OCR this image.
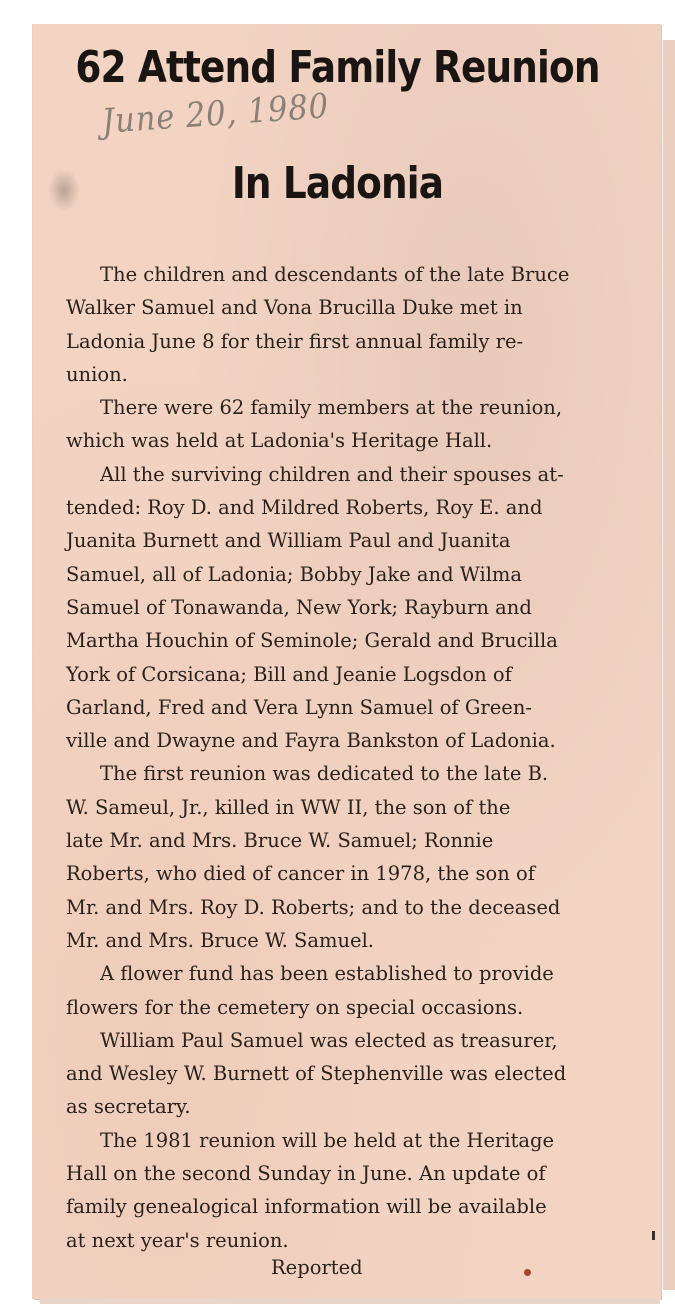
62 Attend Family Reunion
June 20, 1980
In Ladonia

The children and descendants of the late Bruce
Walker Samuel and Vona Brucilla Duke met in
Ladonia June 8 for their first annual family re-
union.

There were 62 family members at the reunion,
which was held at Ladonia's Heritage Hall.

All the surviving children and their spouses at-
tended: Roy D. and Mildred Roberts, Roy E. and
Juanita Burnett and William Paul and Juanita
Samuel, all of Ladonia; Bobby Jake and Wilma
Samuel of Tonawanda, New York; Rayburn and
Martha Houchin of Seminole; Gerald and Brucilla
York of Corsicana; Bill and Jeanie Logsdon of
Garland, Fred and Vera Lynn Samuel of Green-
ville and Dwayne and Fayra Bankston of Ladonia.

The first reunion was dedicated to the late B.
W. Sameul, Jr., killed in WW II, the son of the
late Mr. and Mrs. Bruce W. Samuel; Ronnie
Roberts, who died of cancer in 1978, the son of
Mr. and Mrs. Roy D. Roberts; and to the deceased
Mr. and Mrs. Bruce W. Samuel.

A flower fund has been established to provide
flowers for the cemetery on special occasions.

William Paul Samuel was elected as treasurer,
and Wesley W. Burnett of Stephenville was elected
as secretary.

The 1981 reunion will be held at the Heritage
Hall on the second Sunday in June. An update of
family genealogical information will be available
at next year's reunion.

Reported
